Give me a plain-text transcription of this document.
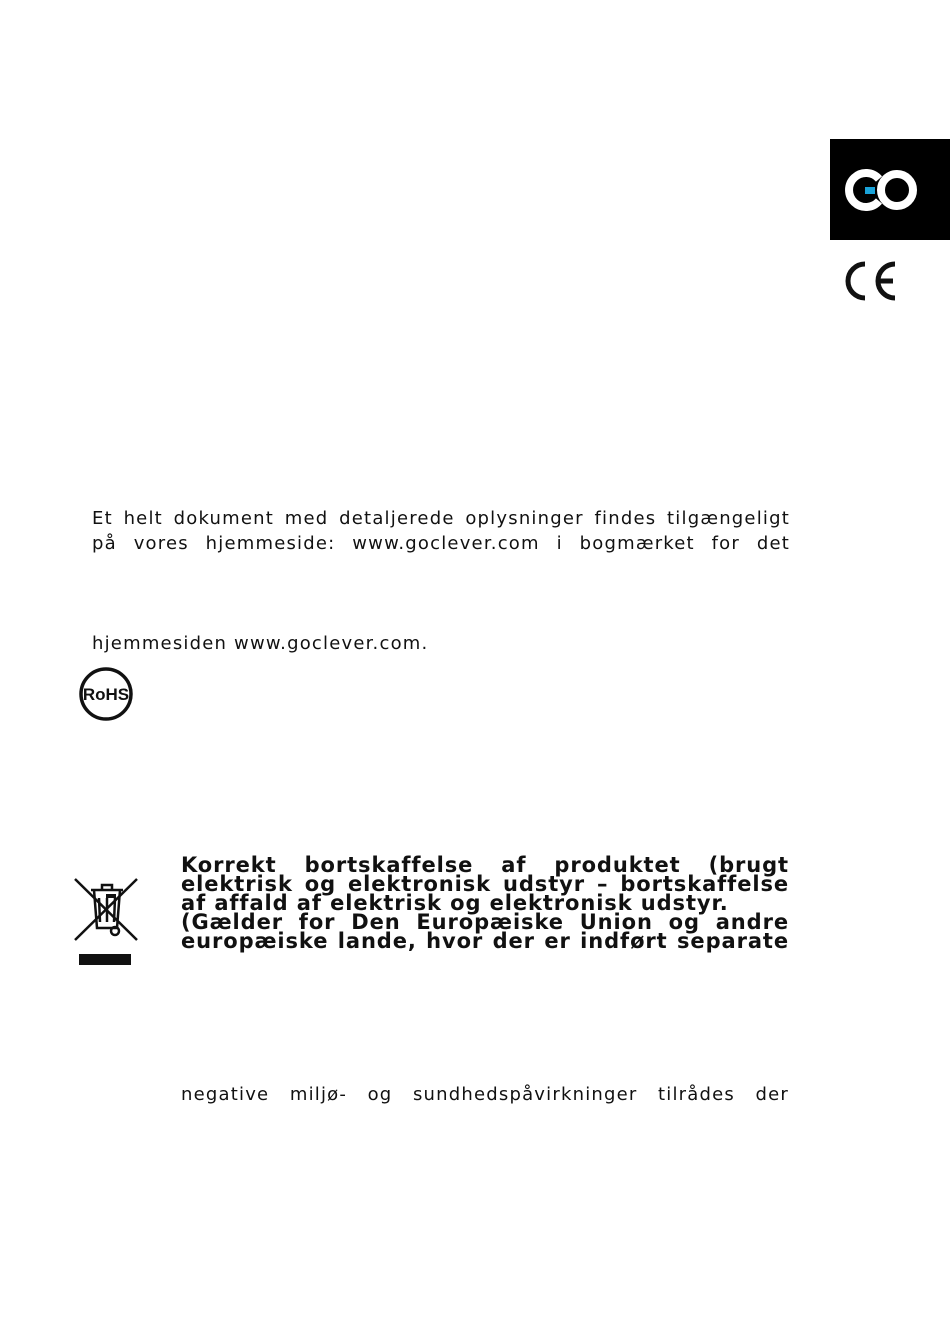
Et helt dokument med detaljerede oplysninger findes tilgængeligt

på vores hjemmeside: www.goclever.com i bogmærket for det

hjemmesiden www.goclever.com.

RoHS

Korrekt bortskaffelse af produktet (brugt

elektrisk og elektronisk udstyr – bortskaffelse

af affald af elektrisk og elektronisk udstyr.

(Gælder for Den Europæiske Union og andre

europæiske lande, hvor der er indført separate

negative miljø- og sundhedspåvirkninger tilrådes der
